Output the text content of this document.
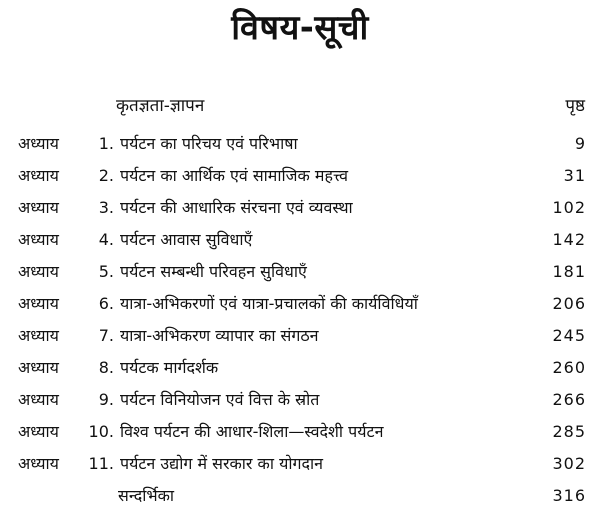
विषय-सूची
कृतज्ञता-ज्ञापन	पृष्ठ
अध्याय	1. पर्यटन का परिचय एवं परिभाषा	9
अध्याय	2. पर्यटन का आर्थिक एवं सामाजिक महत्त्व	31
अध्याय	3. पर्यटन की आधारिक संरचना एवं व्यवस्था	102
अध्याय	4. पर्यटन आवास सुविधाएँ	142
अध्याय	5. पर्यटन सम्बन्धी परिवहन सुविधाएँ	181
अध्याय	6. यात्रा-अभिकरणों एवं यात्रा-प्रचालकों की कार्यविधियाँ	206
अध्याय	7. यात्रा-अभिकरण व्यापार का संगठन	245
अध्याय	8. पर्यटक मार्गदर्शक	260
अध्याय	9. पर्यटन विनियोजन एवं वित्त के स्रोत	266
अध्याय 10. विश्व पर्यटन की आधार-शिला—स्वदेशी पर्यटन	285
अध्याय 11. पर्यटन उद्योग में सरकार का योगदान	302
सन्दर्भिका	316
